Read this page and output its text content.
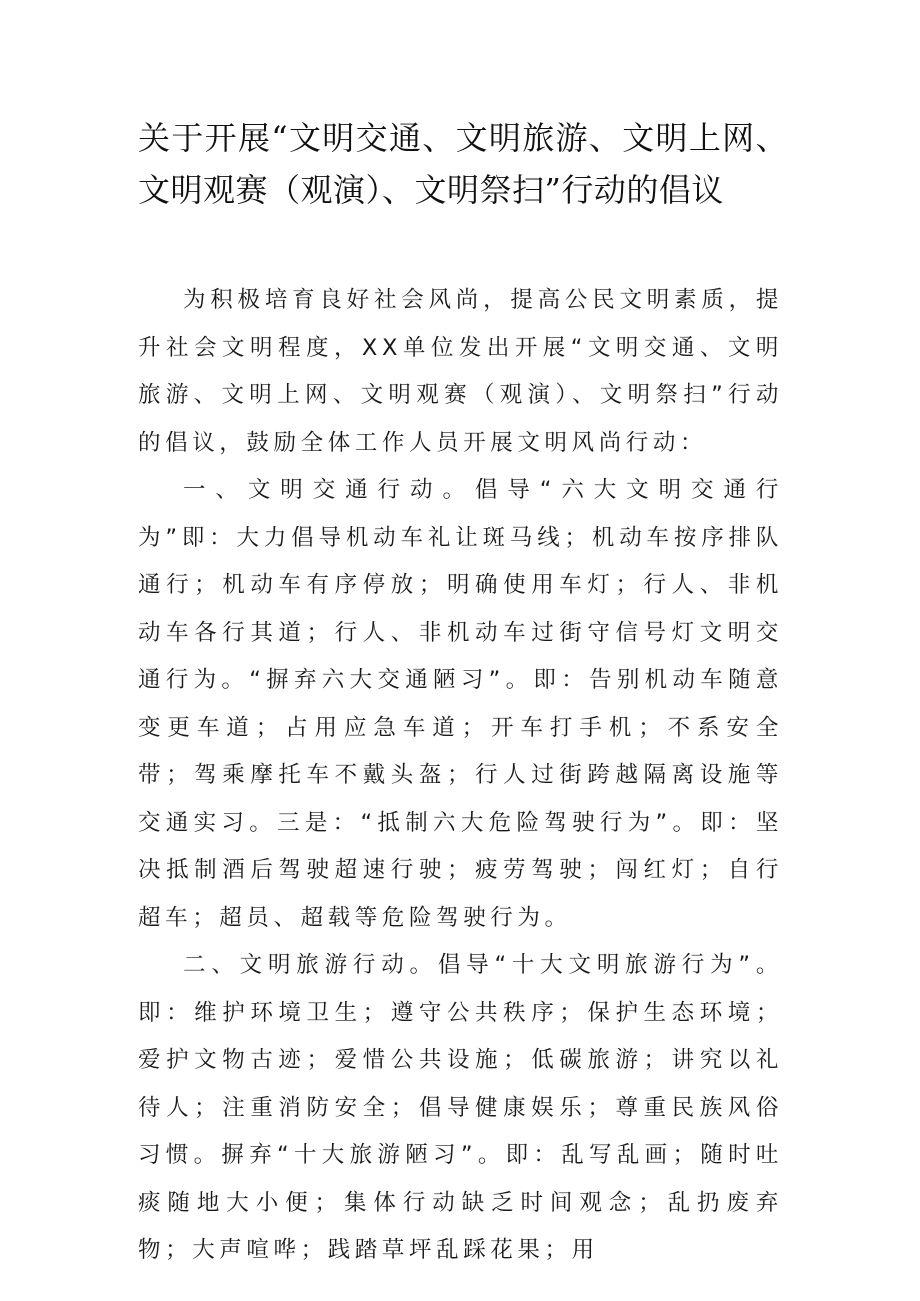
关于开展“文明交通、文明旅游、文明上网、文明观赛（观演）、文明祭扫”行动的倡议

为积极培育良好社会风尚，提高公民文明素质，提升社会文明程度，XX单位发出开展“文明交通、文明旅游、文明上网、文明观赛（观演）、文明祭扫”行动的倡议，鼓励全体工作人员开展文明风尚行动：

一、文明交通行动。倡导“六大文明交通行为”即：大力倡导机动车礼让斑马线；机动车按序排队通行；机动车有序停放；明确使用车灯；行人、非机动车各行其道；行人、非机动车过街守信号灯文明交通行为。“摒弃六大交通陋习”。即：告别机动车随意变更车道；占用应急车道；开车打手机；不系安全带；驾乘摩托车不戴头盔；行人过街跨越隔离设施等交通实习。三是：“抵制六大危险驾驶行为”。即：坚决抵制酒后驾驶超速行驶；疲劳驾驶；闯红灯；自行超车；超员、超载等危险驾驶行为。

二、文明旅游行动。倡导“十大文明旅游行为”。即：维护环境卫生；遵守公共秩序；保护生态环境；爱护文物古迹；爱惜公共设施；低碳旅游；讲究以礼待人；注重消防安全；倡导健康娱乐；尊重民族风俗习惯。摒弃“十大旅游陋习”。即：乱写乱画；随时吐痰随地大小便；集体行动缺乏时间观念；乱扔废弃物；大声喧哗；践踏草坪乱踩花果；用
